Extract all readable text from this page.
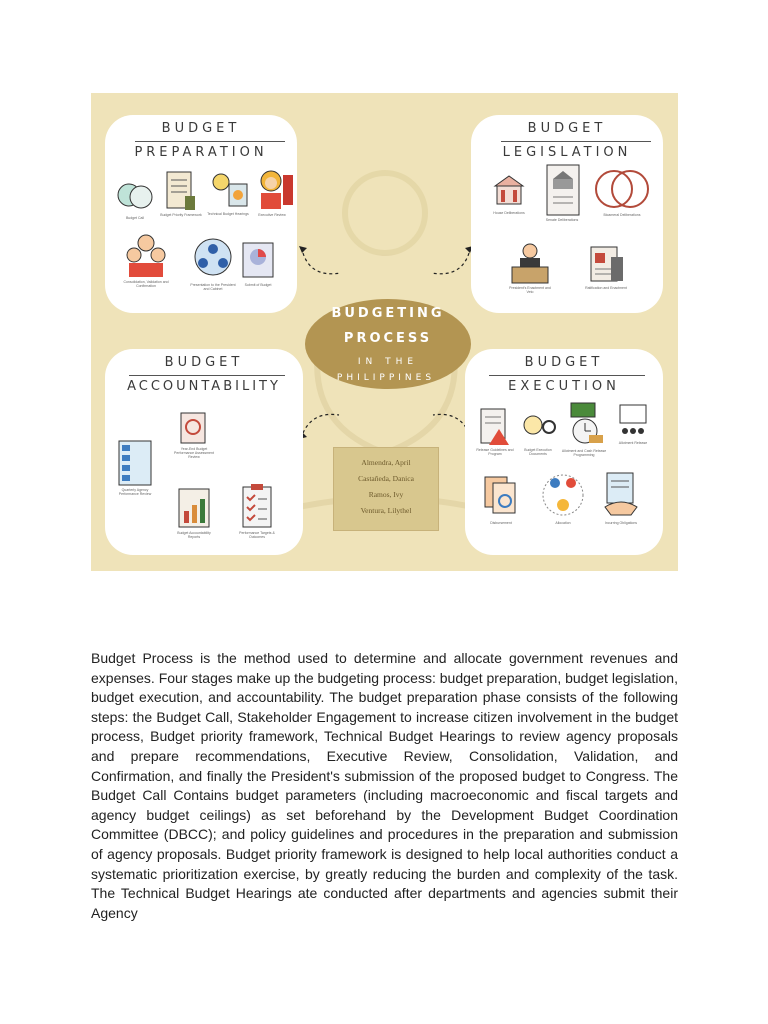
BUDGET
PREPARATION
Budget Call
Budget Priority Framework	Technical Budget Hearings	Executive Review
Consolidation, Validation and Confirmation	Presentation to the President and Cabinet
Submit of Budget
BUDGET
LEGISLATION
House Deliberations
Senate Deliberations
Bicameral Deliberations
President's Enactment and Veto
Ratification and Enactment
BUDGET
ACCOUNTABILITY
Quarterly Agency Performance Review
Year-End Budget Performance Assessment Review
Budget Accountability Reports
Performance Targets & Outcomes
BUDGET
EXECUTION
Release Guidelines and Program
Budget Execution Documents
Allotment and Cash Release Programming
Allotment Release
Disbursement	Allocation	Incurring Obligations
BUDGETING
PROCESS
IN THE
PHILIPPINES
Almendra, April
Castañeda, Danica
Ramos, Ivy
Ventura, Lilythel

Budget Process is the method used to determine and allocate government revenues and expenses. Four stages make up the budgeting process: budget preparation, budget legislation, budget execution, and accountability. The budget preparation phase consists of the following steps: the Budget Call, Stakeholder Engagement to increase citizen involvement in the budget process, Budget priority framework, Technical Budget Hearings to review agency proposals and prepare recommendations, Executive Review, Consolidation, Validation, and Confirmation, and finally the President's submission of the proposed budget to Congress. The Budget Call Contains budget parameters (including macroeconomic and fiscal targets and agency budget ceilings) as set beforehand by the Development Budget Coordination Committee (DBCC); and policy guidelines and procedures in the preparation and submission of agency proposals. Budget priority framework is designed to help local authorities conduct a systematic prioritization exercise, by greatly reducing the burden and complexity of the task. The Technical Budget Hearings ate conducted after departments and agencies submit their Agency
